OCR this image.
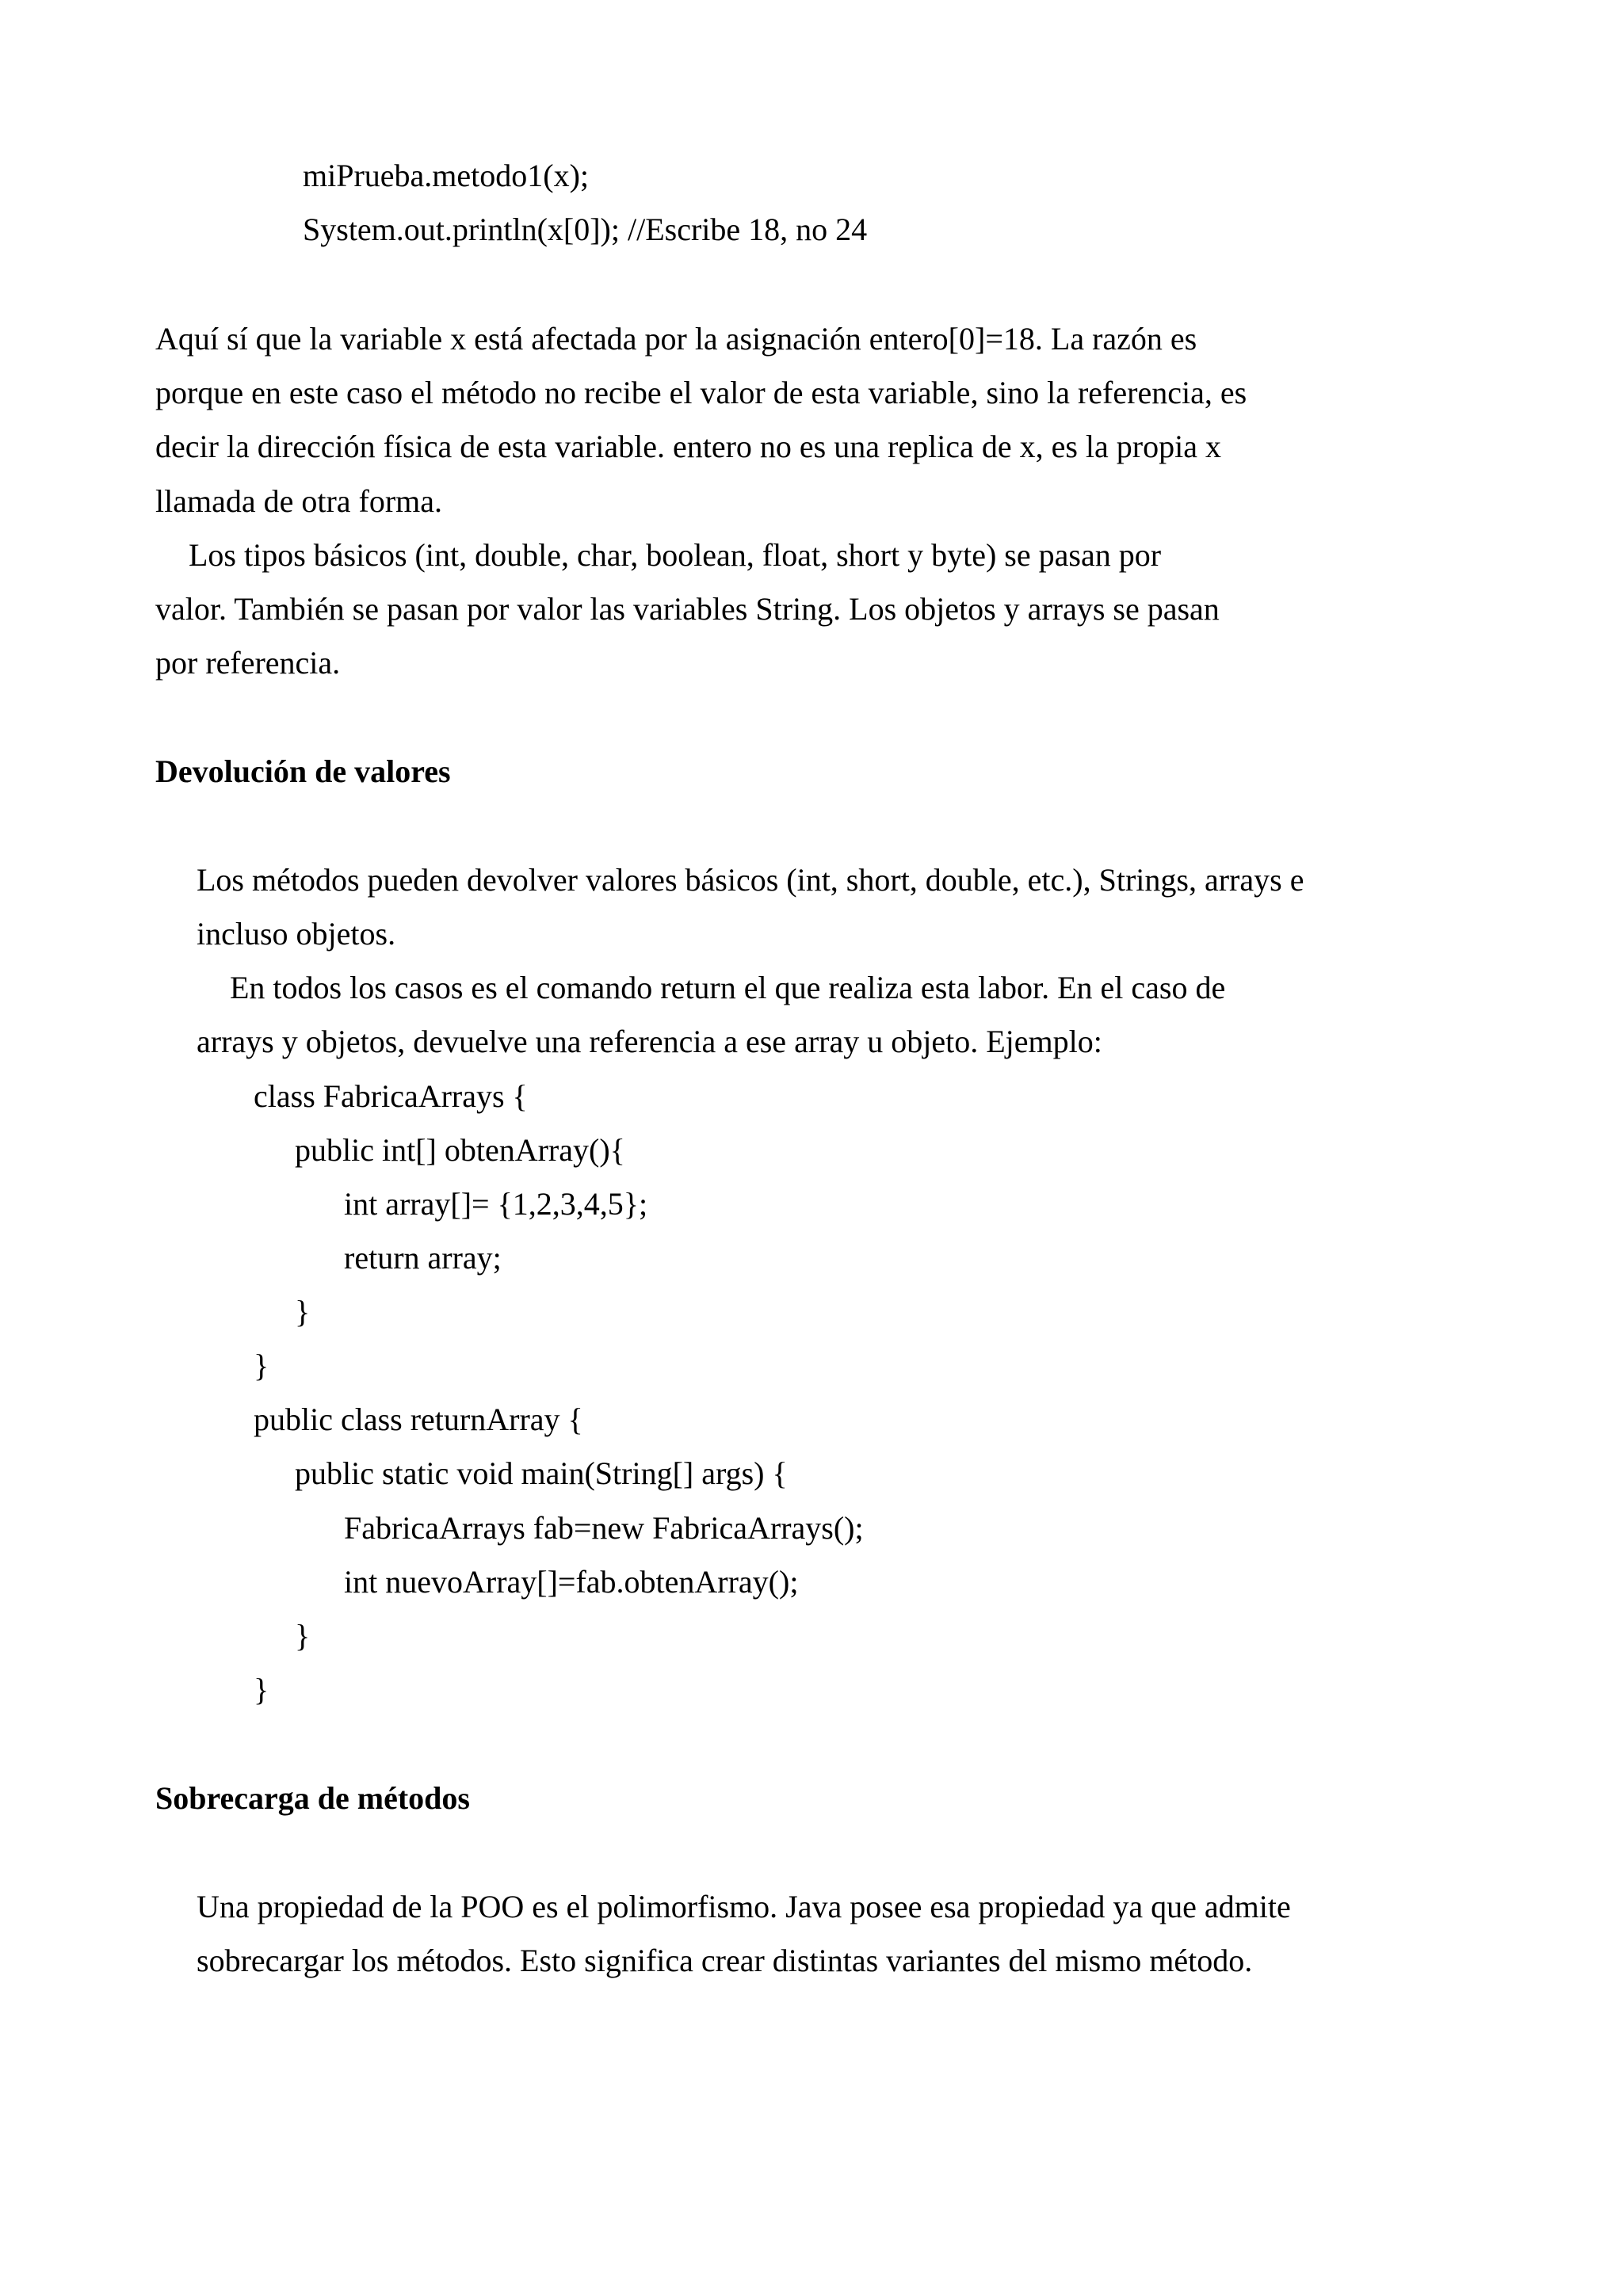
miPrueba.metodo1(x);
System.out.println(x[0]); //Escribe 18, no 24
Aquí sí que la variable x está afectada por la asignación entero[0]=18. La razón es
porque en este caso el método no recibe el valor de esta variable, sino la referencia, es
decir la dirección física de esta variable. entero no es una replica de x, es la propia x
llamada de otra forma.
Los tipos básicos (int, double, char, boolean, float, short y byte) se pasan por
valor. También se pasan por valor las variables String. Los objetos y arrays se pasan
por referencia.
Devolución de valores
Los métodos pueden devolver valores básicos (int, short, double, etc.), Strings, arrays e
incluso objetos.
En todos los casos es el comando return el que realiza esta labor. En el caso de
arrays y objetos, devuelve una referencia a ese array u objeto. Ejemplo:
class FabricaArrays {
public int[] obtenArray(){
int array[]= {1,2,3,4,5};
return array;
}
}
public class returnArray {
public static void main(String[] args) {
FabricaArrays fab=new FabricaArrays();
int nuevoArray[]=fab.obtenArray();
}
}
Sobrecarga de métodos
Una propiedad de la POO es el polimorfismo. Java posee esa propiedad ya que admite
sobrecargar los métodos. Esto significa crear distintas variantes del mismo método.
